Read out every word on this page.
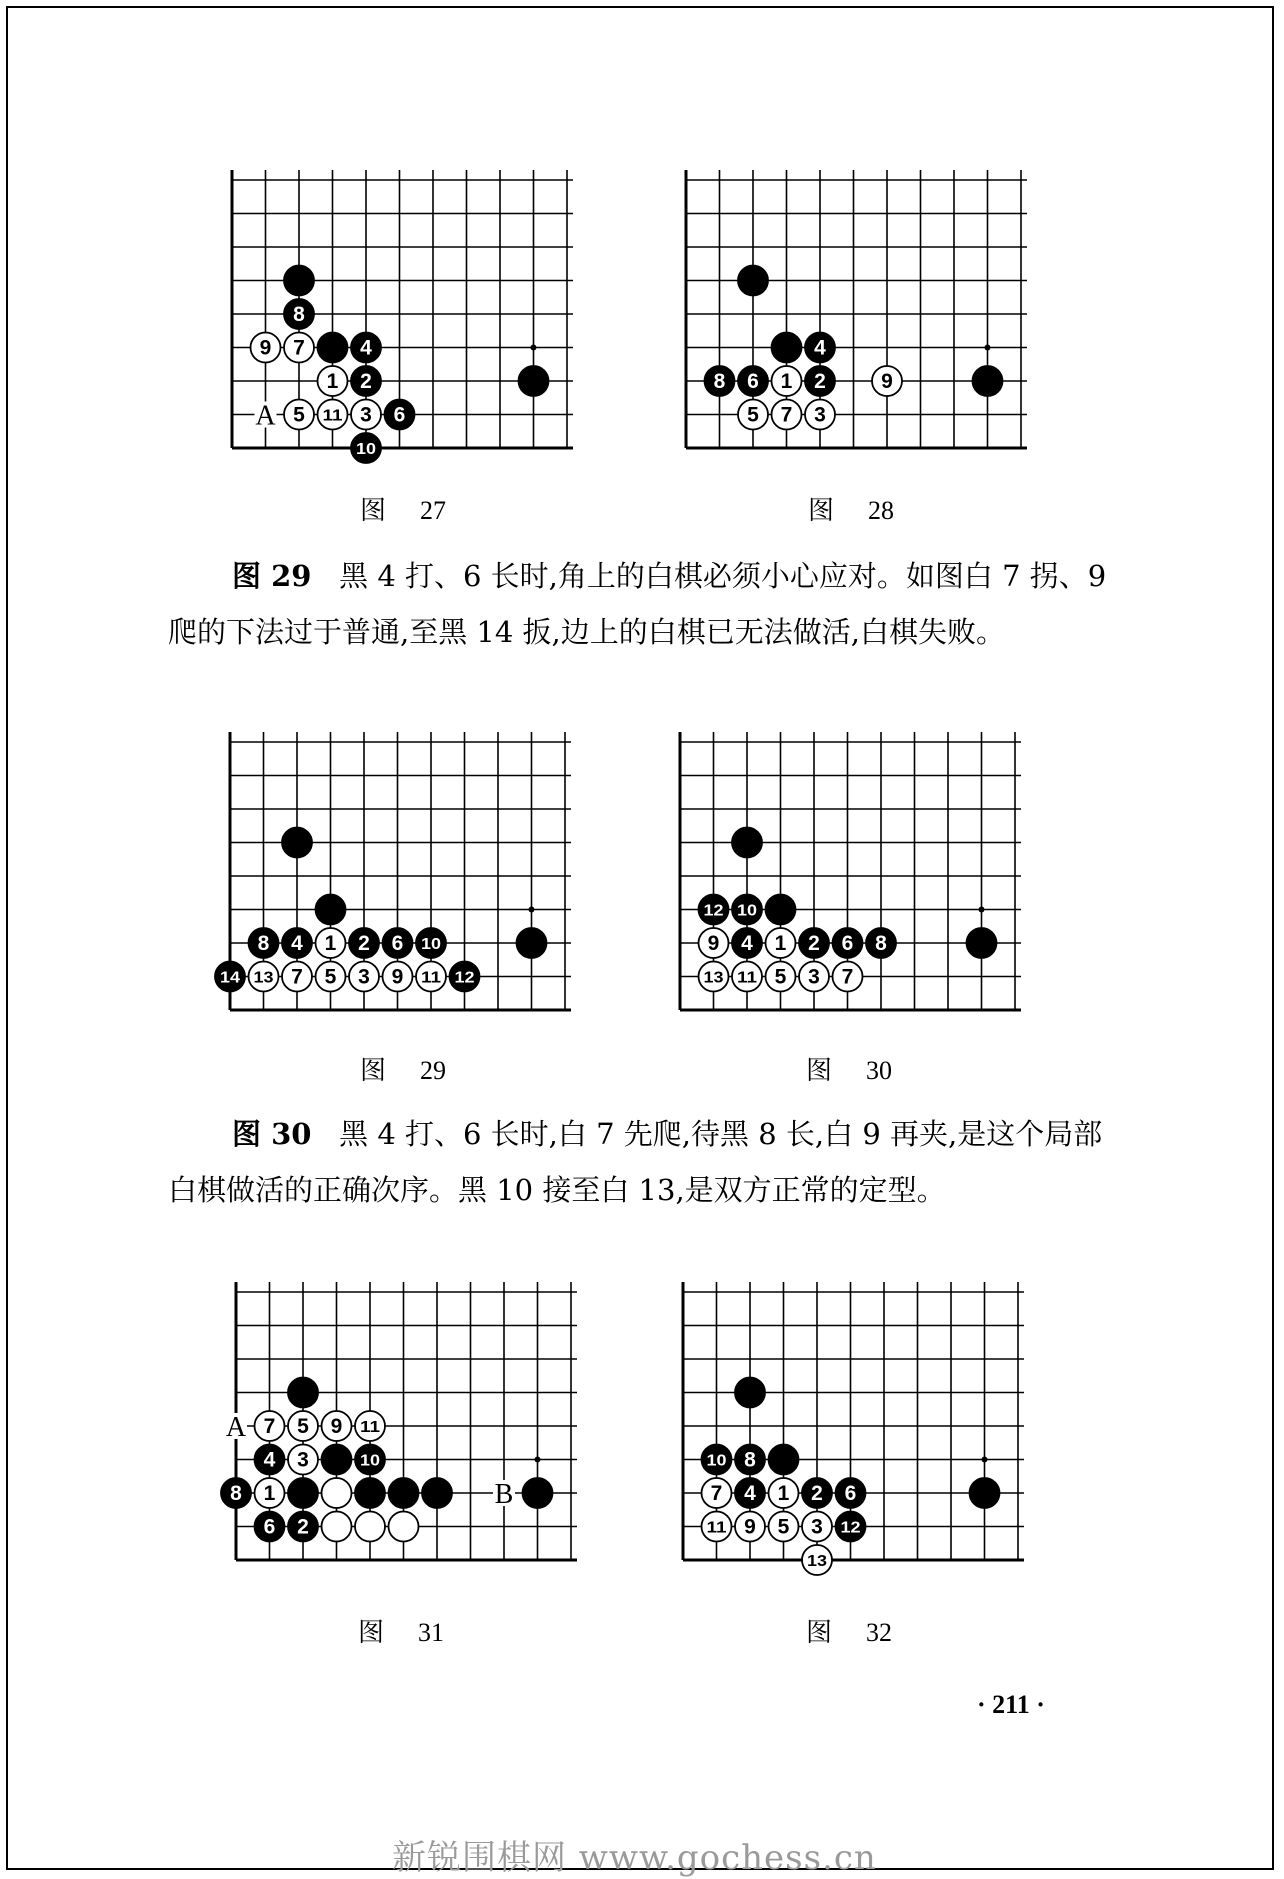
A
8
9 7	4
1 2
5 11 3 6
10
4
8 6 1 2	9
5 7 3
8 4 1 2 6 10
14 13 7 5 3 9 11 12
12 10
9 4 1 2 6 8
13 11 5 3 7
A
B
7 5 9 11
4 3	10
8 1
6 2
10 8
7 4 1 2 6
11 9 5 3 12
13
图 27	图 28
图 29	图 30
图 31	图 32
图 29 黑 4 打、6 长时,角上的白棋必须小心应对。如图白 7 拐、9 爬的下法过于普通,至黑 14 扳,边上的白棋已无法做活,白棋失败。
图 30 黑 4 打、6 长时,白 7 先爬,待黑 8 长,白 9 再夹,是这个局部白棋做活的正确次序。黑 10 接至白 13,是双方正常的定型。
· 211 ·
新锐围棋网 www.gochess.cn
